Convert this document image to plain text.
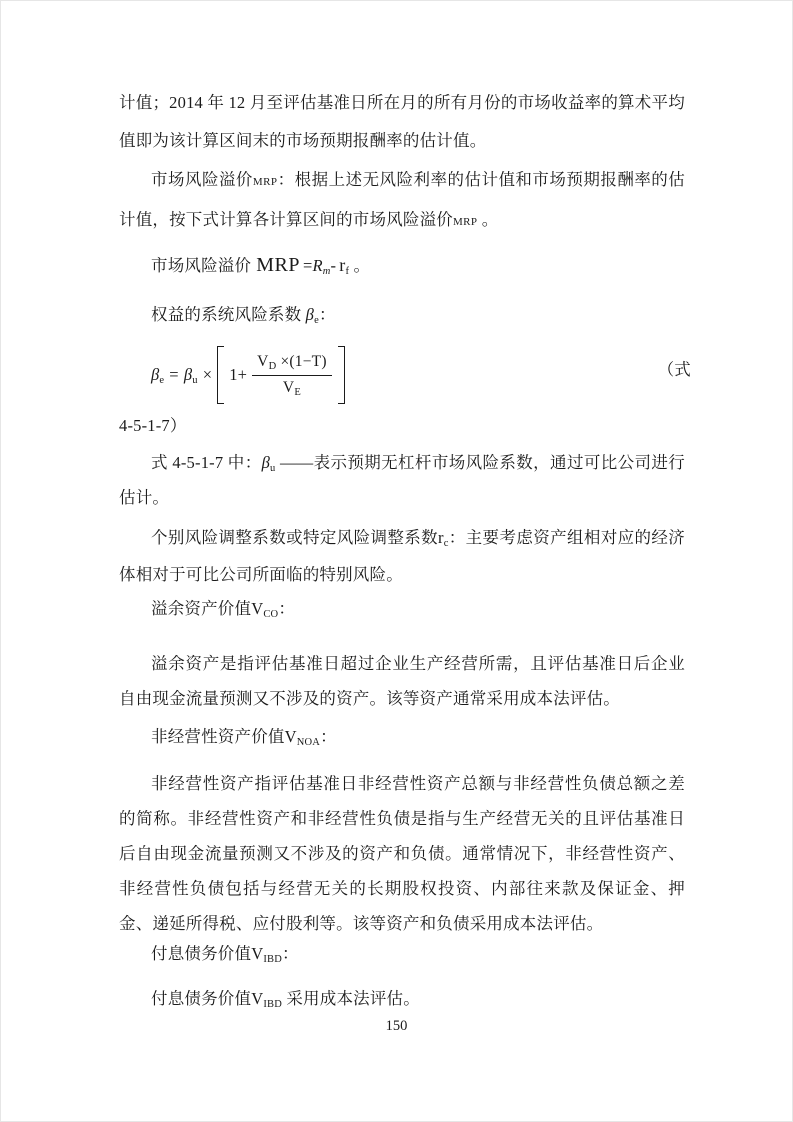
计值；2014 年 12 月至评估基准日所在月的所有月份的市场收益率的算术平均值即为该计算区间末的市场预期报酬率的估计值。
市场风险溢价MRP：根据上述无风险利率的估计值和市场预期报酬率的估计值，按下式计算各计算区间的市场风险溢价MRP 。
市场风险溢价 MRP $=R_m-$ $r_f$ 。
权益的系统风险系数 $\beta_e$：
$\beta_e = \beta_u \times 1+ \frac{V_D \times(1-T)}{V_E}$	（式
4-5-1-7）
式 4-5-1-7 中：$\beta_u$ ——表示预期无杠杆市场风险系数，通过可比公司进行估计。
个别风险调整系数或特定风险调整系数$r_c$：主要考虑资产组相对应的经济体相对于可比公司所面临的特别风险。
溢余资产价值$V_{CO}$：
溢余资产是指评估基准日超过企业生产经营所需，且评估基准日后企业自由现金流量预测又不涉及的资产。该等资产通常采用成本法评估。
非经营性资产价值$V_{NOA}$：
非经营性资产指评估基准日非经营性资产总额与非经营性负债总额之差的简称。非经营性资产和非经营性负债是指与生产经营无关的且评估基准日后自由现金流量预测又不涉及的资产和负债。通常情况下，非经营性资产、非经营性负债包括与经营无关的长期股权投资、内部往来款及保证金、押金、递延所得税、应付股利等。该等资产和负债采用成本法评估。
付息债务价值$V_{IBD}$：
付息债务价值$V_{IBD}$ 采用成本法评估。
150
